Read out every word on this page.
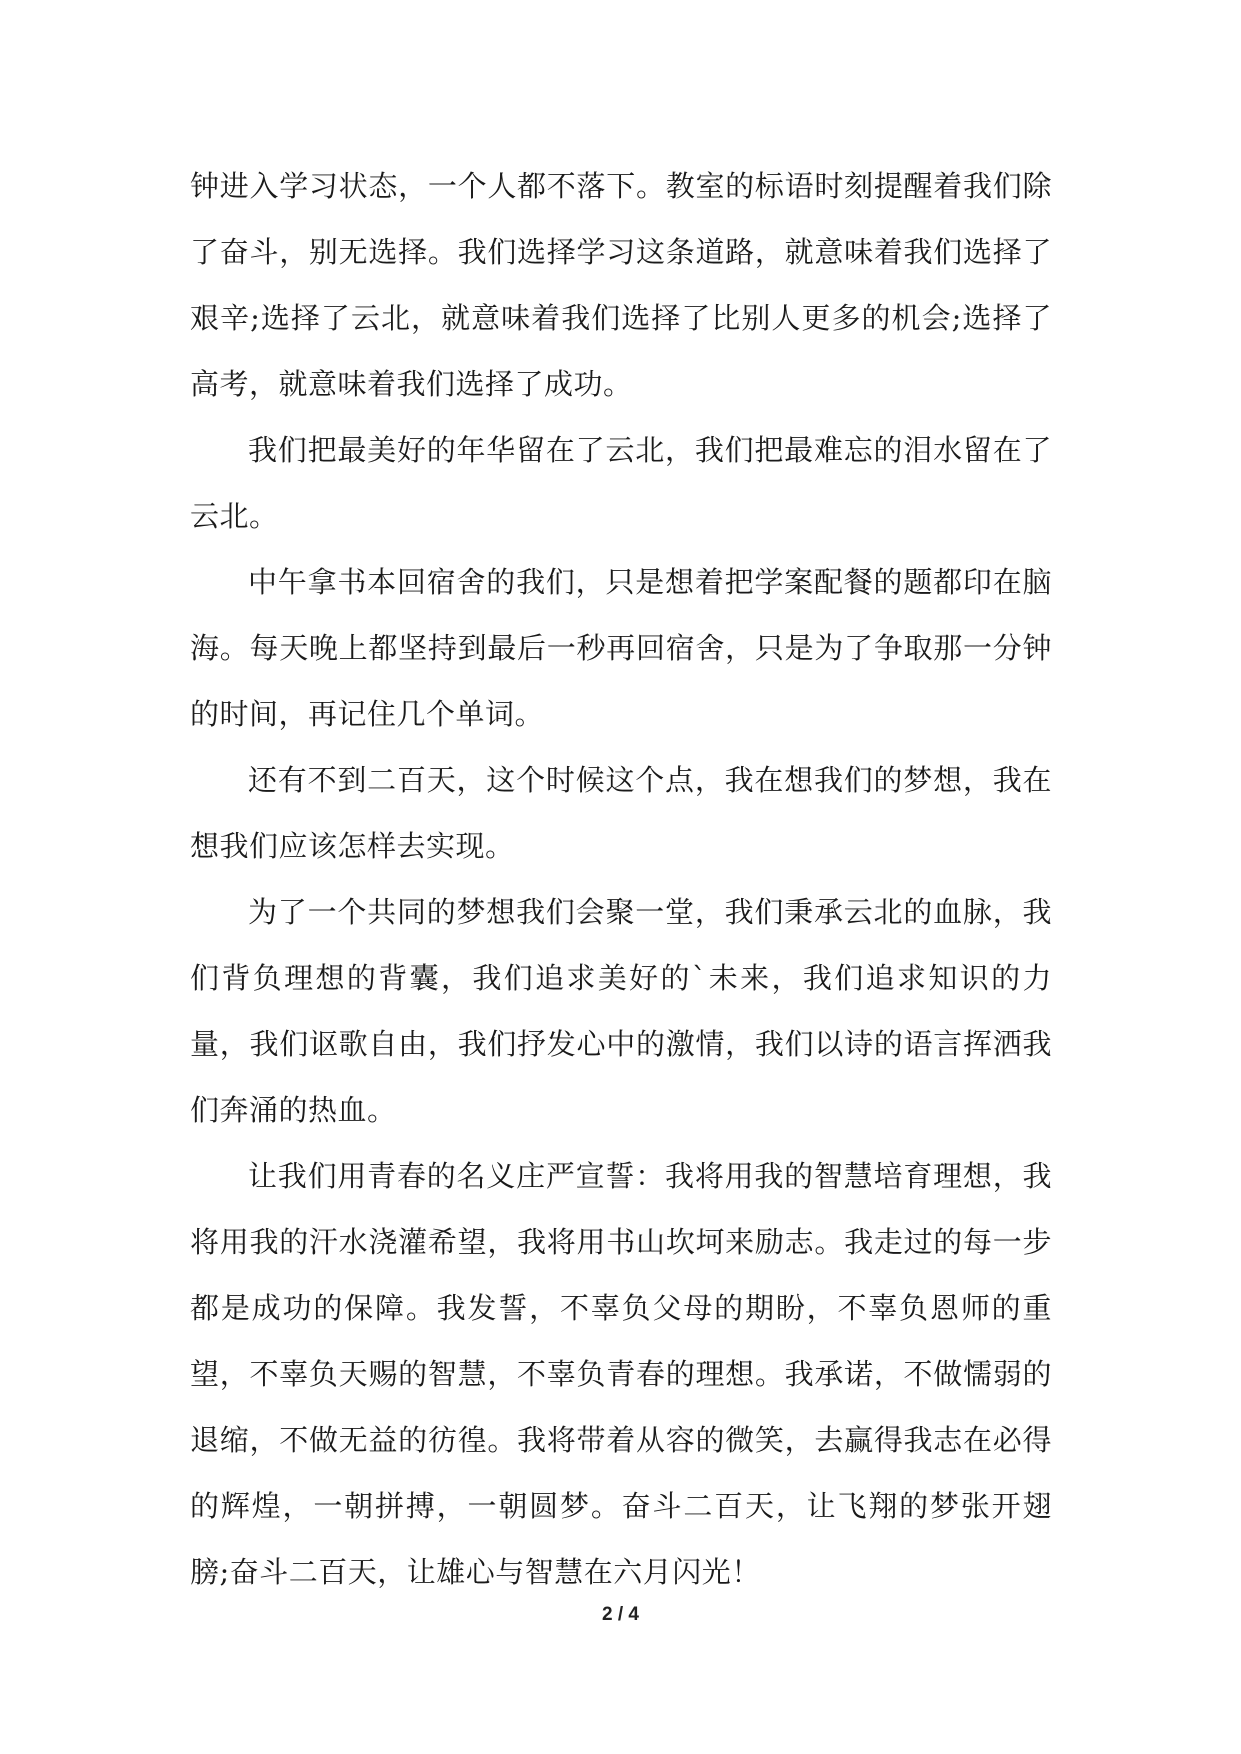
钟进入学习状态，一个人都不落下。教室的标语时刻提醒着我们除了奋斗，别无选择。我们选择学习这条道路，就意味着我们选择了艰辛;选择了云北，就意味着我们选择了比别人更多的机会;选择了高考，就意味着我们选择了成功。

我们把最美好的年华留在了云北，我们把最难忘的泪水留在了云北。

中午拿书本回宿舍的我们，只是想着把学案配餐的题都印在脑海。每天晚上都坚持到最后一秒再回宿舍，只是为了争取那一分钟的时间，再记住几个单词。

还有不到二百天，这个时候这个点，我在想我们的梦想，我在想我们应该怎样去实现。

为了一个共同的梦想我们会聚一堂，我们秉承云北的血脉，我们背负理想的背囊，我们追求美好的`未来，我们追求知识的力量，我们讴歌自由，我们抒发心中的激情，我们以诗的语言挥洒我们奔涌的热血。

让我们用青春的名义庄严宣誓：我将用我的智慧培育理想，我将用我的汗水浇灌希望，我将用书山坎坷来励志。我走过的每一步都是成功的保障。我发誓，不辜负父母的期盼，不辜负恩师的重望，不辜负天赐的智慧，不辜负青春的理想。我承诺，不做懦弱的退缩，不做无益的彷徨。我将带着从容的微笑，去赢得我志在必得的辉煌，一朝拼搏，一朝圆梦。奋斗二百天，让飞翔的梦张开翅膀;奋斗二百天，让雄心与智慧在六月闪光！

2 / 4
